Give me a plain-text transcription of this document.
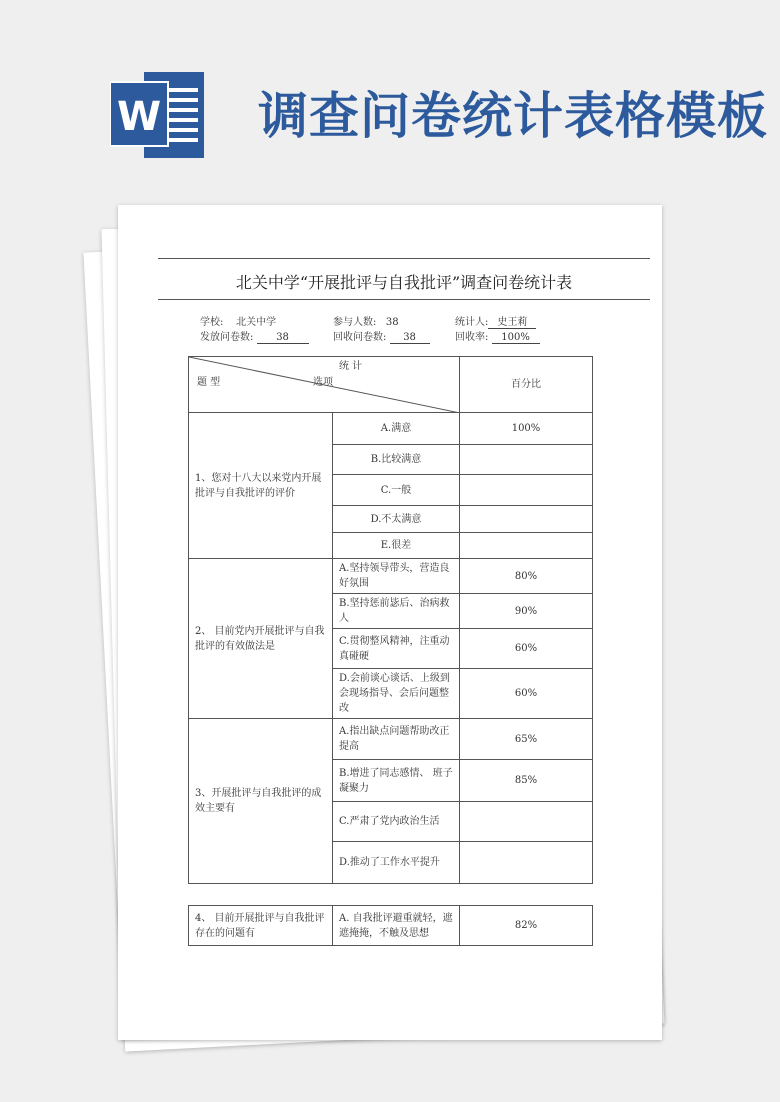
W 调查问卷统计表格模板
北关中学“开展批评与自我批评”调查问卷统计表
学校: 北关中学	参与人数: 38	统计人: 史王莉
发放问卷数: 38	回收问卷数: 38	回收率: 100%
统 计
题 型 选项		百分比
1、您对十八大以来党内开展批评与自我批评的评价	A.满意	100%
	B.比较满意	
	C.一般	
	D.不太满意	
	E.很差	
2、 目前党内开展批评与自我批评的有效做法是	A.坚持领导带头，营造良好氛围	80%
	B.坚持惩前毖后、治病救人	90%
	C.贯彻整风精神，注重动真碰硬	60%
	D.会前谈心谈话、上级到会现场指导、会后问题整改	60%
3、开展批评与自我批评的成效主要有	A.指出缺点问题帮助改正提高	65%
	B.增进了同志感情、 班子凝聚力	85%
	C.严肃了党内政治生活	
	D.推动了工作水平提升	
4、 目前开展批评与自我批评存在的问题有	A. 自我批评避重就轻，遮遮掩掩，不触及思想	82%
